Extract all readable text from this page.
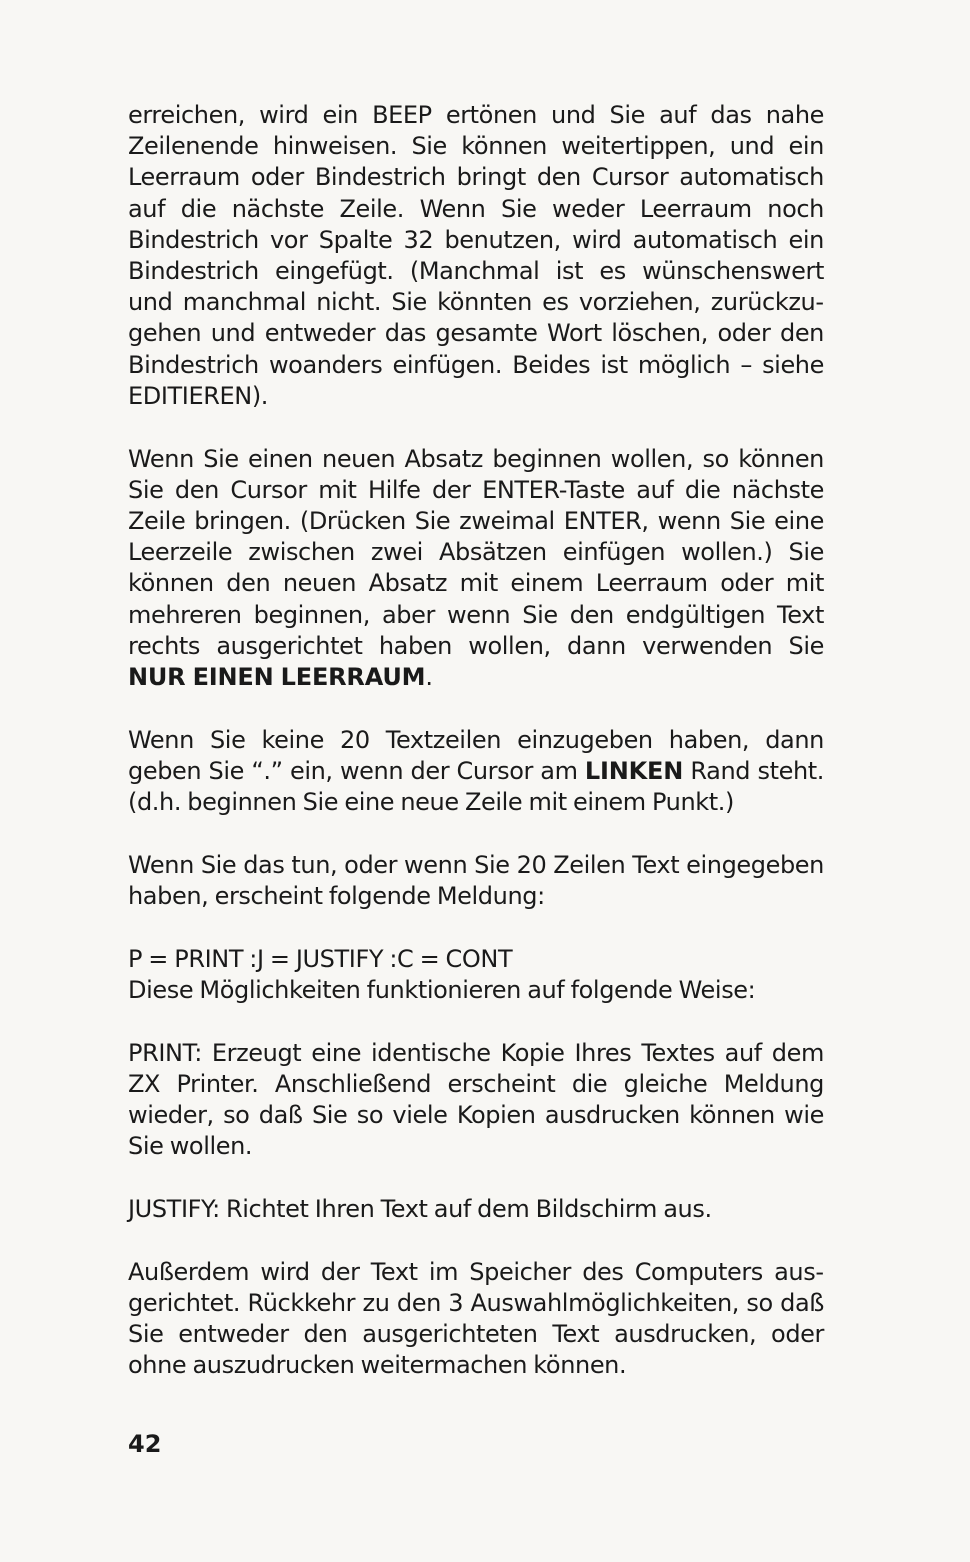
erreichen, wird ein BEEP ertönen und Sie auf das nahe Zeilenende hinweisen. Sie können weitertippen, und ein Leerraum oder Bindestrich bringt den Cursor automatisch auf die nächste Zeile. Wenn Sie weder Leerraum noch Bindestrich vor Spalte 32 benutzen, wird automatisch ein Bindestrich eingefügt. (Manchmal ist es wünschenswert und manchmal nicht. Sie könnten es vorziehen, zurückzugehen und entweder das gesamte Wort löschen, oder den Bindestrich woanders einfügen. Beides ist möglich – siehe EDITIEREN).

Wenn Sie einen neuen Absatz beginnen wollen, so können Sie den Cursor mit Hilfe der ENTER-Taste auf die nächste Zeile bringen. (Drücken Sie zweimal ENTER, wenn Sie eine Leerzeile zwischen zwei Absätzen einfügen wollen.) Sie können den neuen Absatz mit einem Leerraum oder mit mehreren beginnen, aber wenn Sie den endgültigen Text rechts ausgerichtet haben wollen, dann verwenden Sie NUR EINEN LEERRAUM.

Wenn Sie keine 20 Textzeilen einzugeben haben, dann geben Sie “.” ein, wenn der Cursor am LINKEN Rand steht. (d.h. beginnen Sie eine neue Zeile mit einem Punkt.)

Wenn Sie das tun, oder wenn Sie 20 Zeilen Text eingegeben haben, erscheint folgende Meldung:

P = PRINT :J = JUSTIFY :C = CONT

Diese Möglichkeiten funktionieren auf folgende Weise:

PRINT: Erzeugt eine identische Kopie Ihres Textes auf dem ZX Printer. Anschließend erscheint die gleiche Meldung wieder, so daß Sie so viele Kopien ausdrucken können wie Sie wollen.

JUSTIFY: Richtet Ihren Text auf dem Bildschirm aus.

Außerdem wird der Text im Speicher des Computers ausgerichtet. Rückkehr zu den 3 Auswahlmöglichkeiten, so daß Sie entweder den ausgerichteten Text ausdrucken, oder ohne auszudrucken weitermachen können.

42
